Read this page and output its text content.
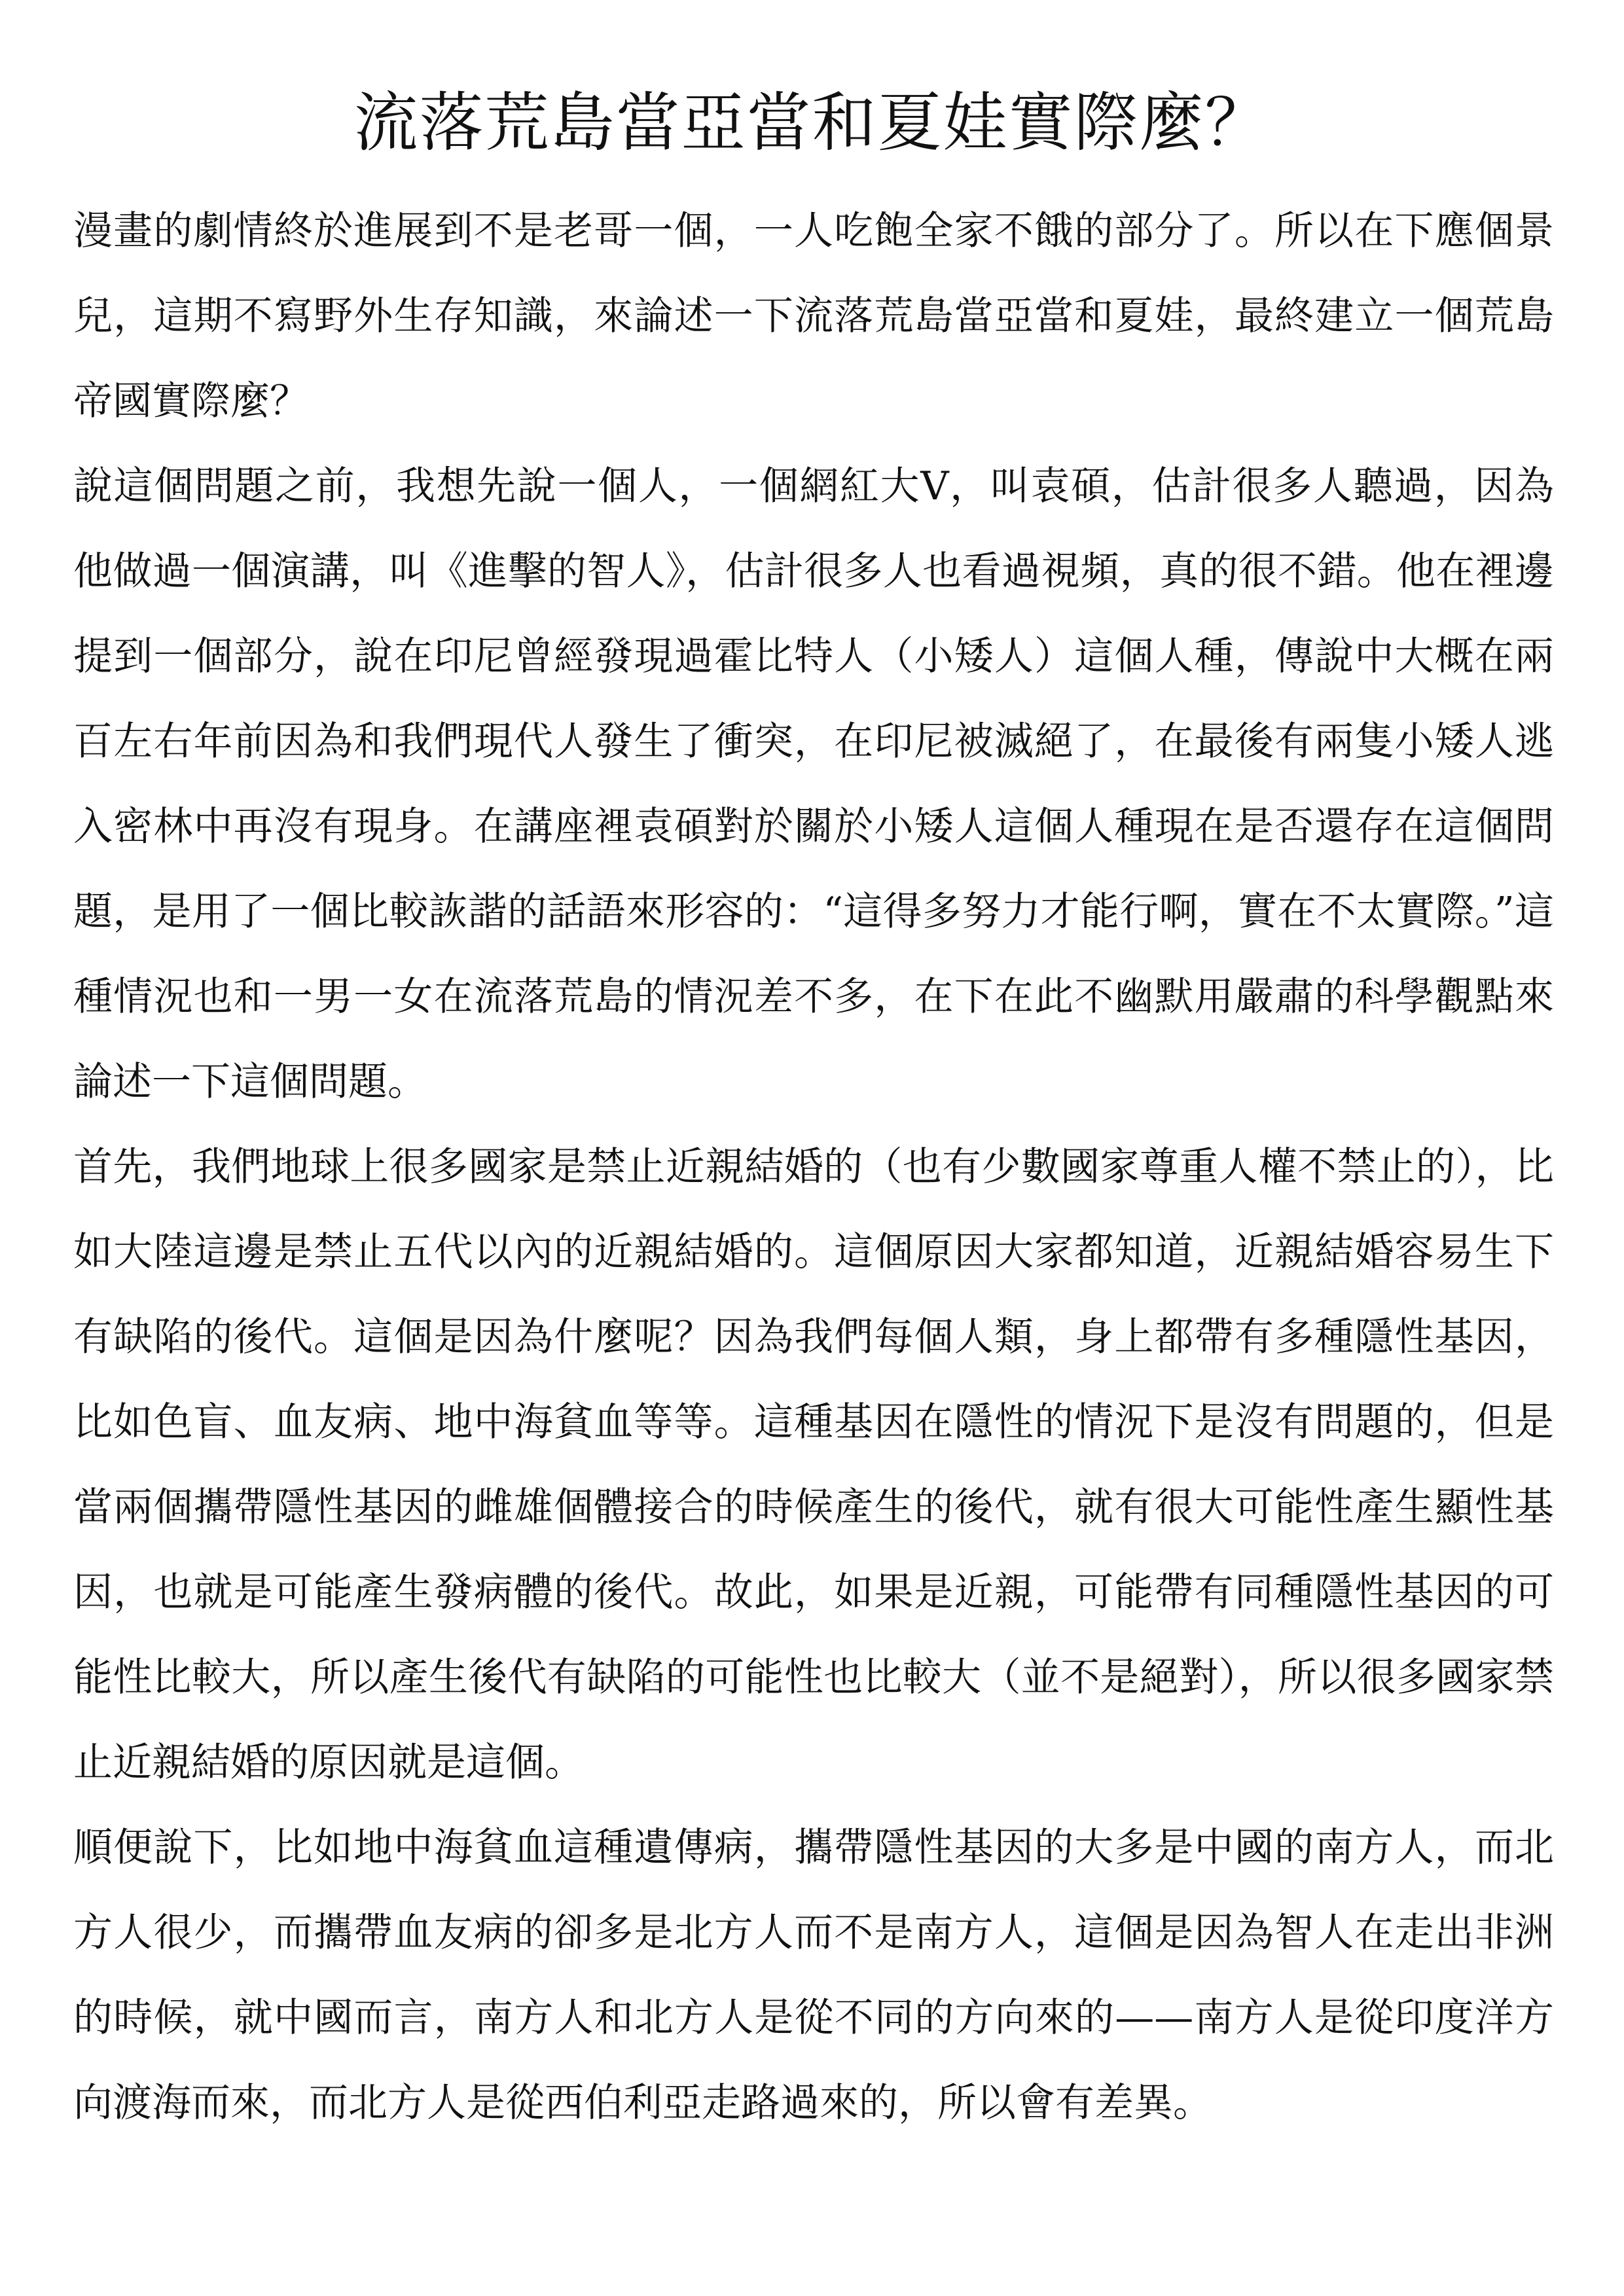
流落荒島當亞當和夏娃實際麼？

漫畫的劇情終於進展到不是老哥一個，一人吃飽全家不餓的部分了。所以在下應個景兒，這期不寫野外生存知識，來論述一下流落荒島當亞當和夏娃，最終建立一個荒島帝國實際麼？

說這個問題之前，我想先說一個人，一個網紅大V，叫袁碩，估計很多人聽過，因為他做過一個演講，叫《進擊的智人》，估計很多人也看過視頻，真的很不錯。他在裡邊提到一個部分，說在印尼曾經發現過霍比特人（小矮人）這個人種，傳說中大概在兩百左右年前因為和我們現代人發生了衝突，在印尼被滅絕了，在最後有兩隻小矮人逃入密林中再沒有現身。在講座裡袁碩對於關於小矮人這個人種現在是否還存在這個問題，是用了一個比較詼諧的話語來形容的：“這得多努力才能行啊，實在不太實際。”這種情況也和一男一女在流落荒島的情況差不多，在下在此不幽默用嚴肅的科學觀點來論述一下這個問題。

首先，我們地球上很多國家是禁止近親結婚的（也有少數國家尊重人權不禁止的），比如大陸這邊是禁止五代以內的近親結婚的。這個原因大家都知道，近親結婚容易生下有缺陷的後代。這個是因為什麼呢？因為我們每個人類，身上都帶有多種隱性基因，比如色盲、血友病、地中海貧血等等。這種基因在隱性的情況下是沒有問題的，但是當兩個攜帶隱性基因的雌雄個體接合的時候產生的後代，就有很大可能性產生顯性基因，也就是可能產生發病體的後代。故此，如果是近親，可能帶有同種隱性基因的可能性比較大，所以產生後代有缺陷的可能性也比較大（並不是絕對），所以很多國家禁止近親結婚的原因就是這個。

順便說下，比如地中海貧血這種遺傳病，攜帶隱性基因的大多是中國的南方人，而北方人很少，而攜帶血友病的卻多是北方人而不是南方人，這個是因為智人在走出非洲的時候，就中國而言，南方人和北方人是從不同的方向來的——南方人是從印度洋方向渡海而來，而北方人是從西伯利亞走路過來的，所以會有差異。
